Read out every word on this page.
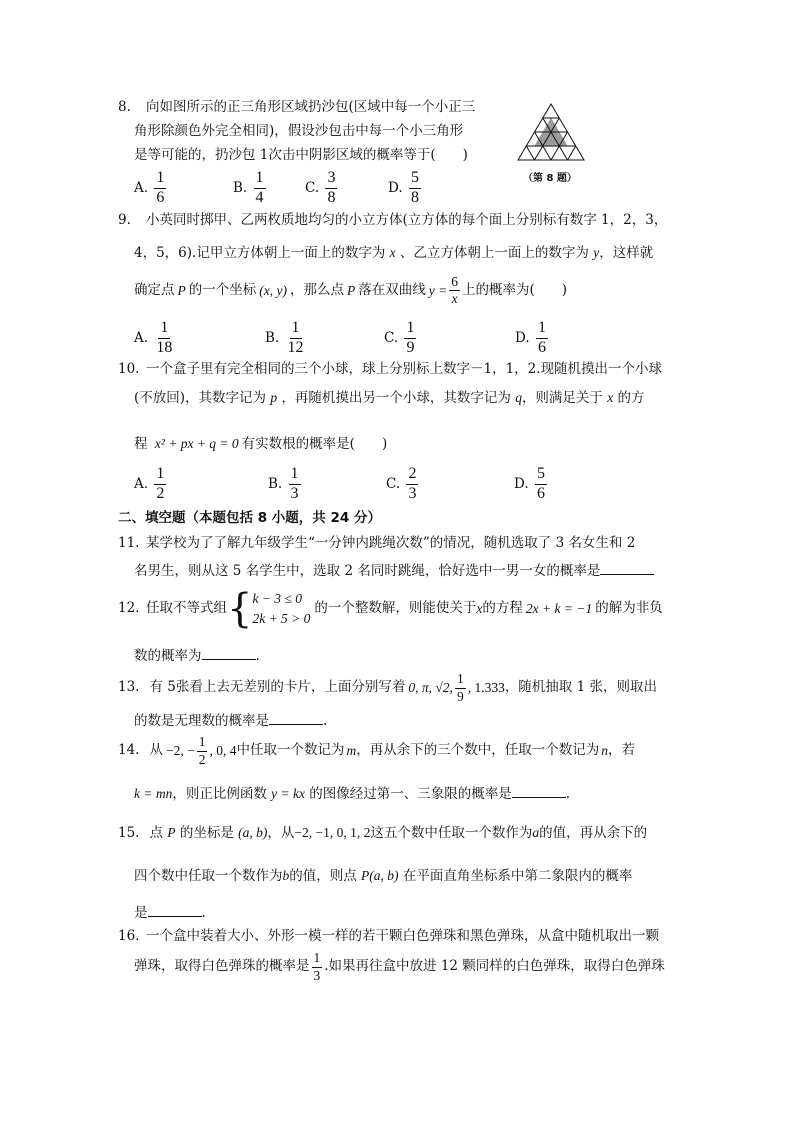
8. 向如图所示的正三角形区域扔沙包(区域中每一个小正三
角形除颜色外完全相同)，假设沙包击中每一个小三角形
是等可能的，扔沙包 1次击中阴影区域的概率等于(　　)
A. $\frac{1}{6}$	B. $\frac{1}{4}$	C. $\frac{3}{8}$	D. $\frac{5}{8}$	（第 8 题）
9. 小英同时掷甲、乙两枚质地均匀的小立方体(立方体的每个面上分别标有数字 1，2，3，
4，5，6).记甲立方体朝上一面上的数字为 x 、乙立方体朝上一面上的数字为 y，这样就
确定点 P 的一个坐标 (x, y) ，那么点 P 落在双曲线 $y = \frac{6}{x}$ 上的概率为(　　)
A. $\frac{1}{18}$	B. $\frac{1}{12}$	C. $\frac{1}{9}$	D. $\frac{1}{6}$
10. 一个盒子里有完全相同的三个小球，球上分别标上数字－1，1，2.现随机摸出一个小球
(不放回)，其数字记为 p ，再随机摸出另一个小球，其数字记为 q，则满足关于 x 的方
程 x² + px + q = 0 有实数根的概率是(　　)
A. $\frac{1}{2}$	B. $\frac{1}{3}$	C. $\frac{2}{3}$	D. $\frac{5}{6}$
二、填空题（本题包括 8 小题，共 24 分）
11. 某学校为了了解九年级学生“一分钟内跳绳次数”的情况，随机选取了 3 名女生和 2
名男生，则从这 5 名学生中，选取 2 名同时跳绳，恰好选中一男一女的概率是
12. 任取不等式组 { k − 3 ≤ 0
2k + 5 > 0
的一个整数解，则能使关于 x 的方程 2x + k = −1 的解为非负
数的概率为	.
13. 有 5张看上去无差别的卡片，上面分别写着 0, π, √2, $\frac{1}{9}$ , 1.333 ，随机抽取 1 张，则取出
的数是无理数的概率是	.
14. 从 −2, − $\frac{1}{2}$ , 0, 4 中任取一个数记为 m ，再从余下的三个数中，任取一个数记为 n ，若
k = mn，则正比例函数 y = kx 的图像经过第一、三象限的概率是	.
15. 点 P 的坐标是 (a, b)，从−2, −1, 0, 1, 2这五个数中任取一个数作为a的值，再从余下的
四个数中任取一个数作为b的值，则点 P(a, b) 在平面直角坐标系中第二象限内的概率
是	.
16. 一个盒中装着大小、外形一模一样的若干颗白色弹珠和黑色弹珠，从盒中随机取出一颗
弹珠，取得白色弹珠的概率是 $\frac{1}{3}$ .如果再往盒中放进 12 颗同样的白色弹珠，取得白色弹珠
